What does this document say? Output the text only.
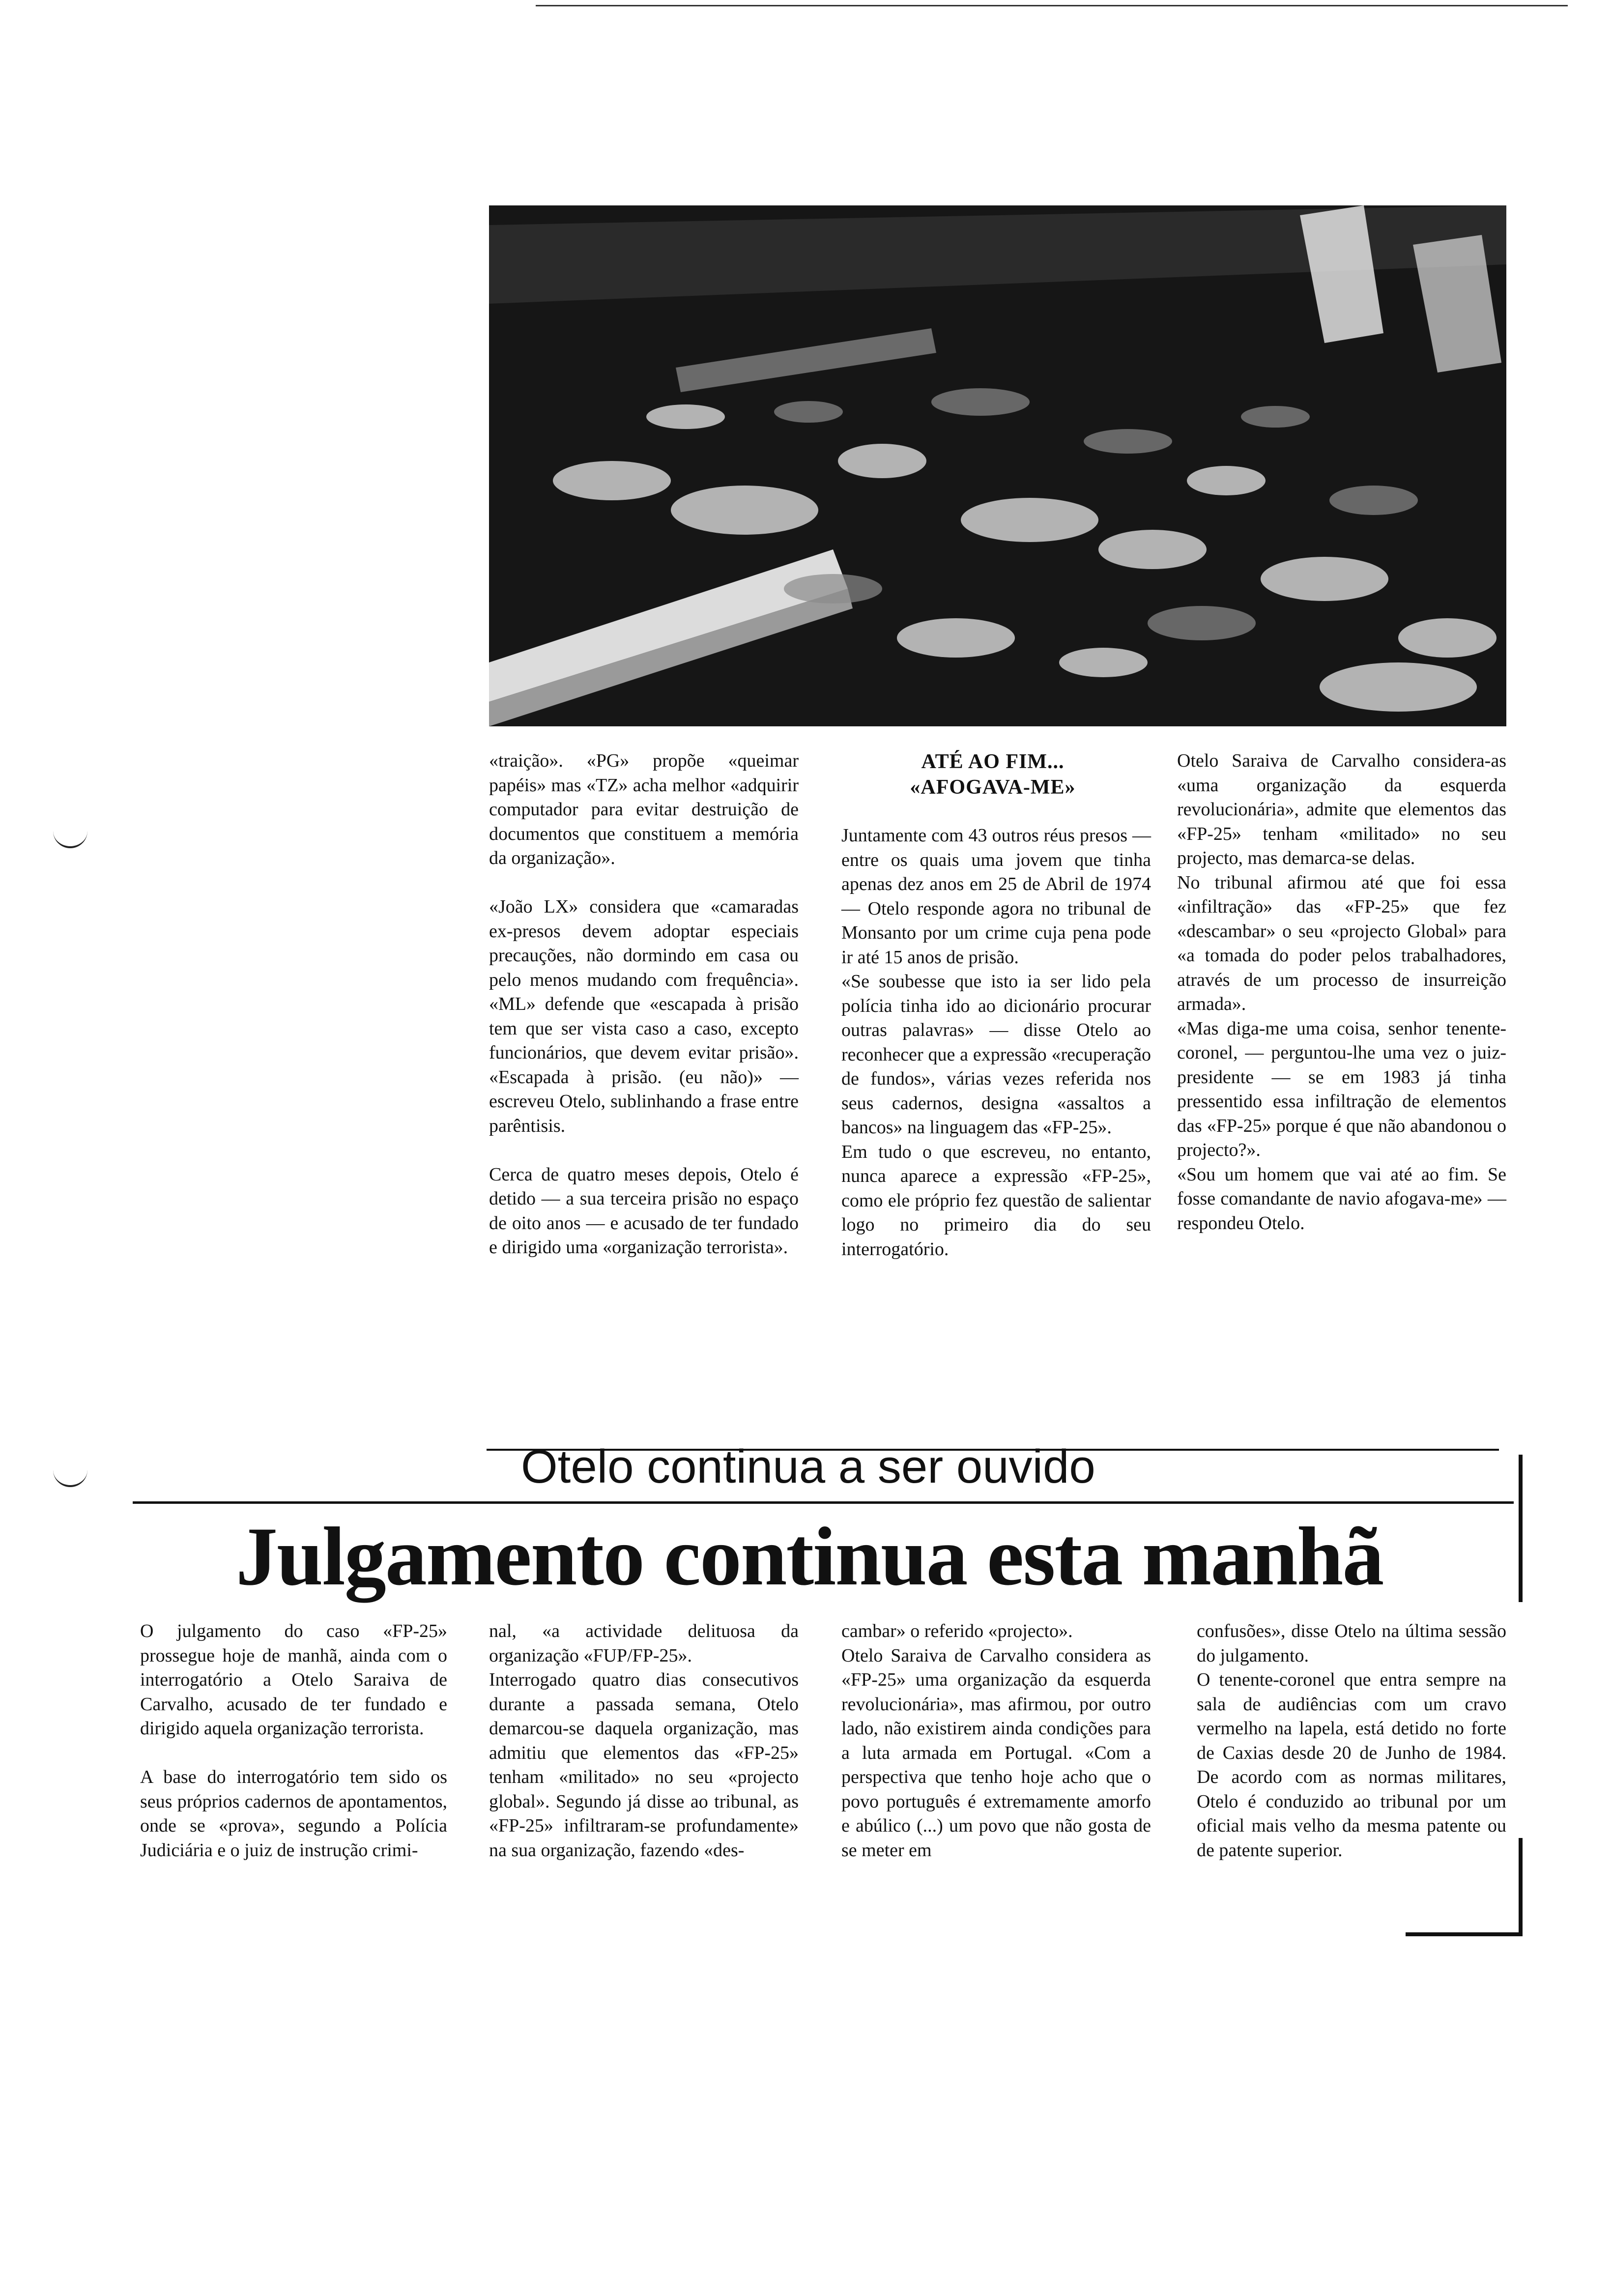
«traição». «PG» propõe «queimar papéis» mas «TZ» acha melhor «adquirir computador para evitar destruição de documentos que constituem a memória da organização».

«João LX» considera que «camaradas ex-presos devem adoptar especiais precauções, não dormindo em casa ou pelo menos mudando com frequência». «ML» defende que «escapada à prisão tem que ser vista caso a caso, excepto funcionários, que devem evitar prisão». «Escapada à prisão. (eu não)» — escreveu Otelo, sublinhando a frase entre parêntisis.

Cerca de quatro meses depois, Otelo é detido — a sua terceira prisão no espaço de oito anos — e acusado de ter fundado e dirigido uma «organização terrorista».
ATÉ AO FIM...
«AFOGAVA-ME»
Juntamente com 43 outros réus presos — entre os quais uma jovem que tinha apenas dez anos em 25 de Abril de 1974 — Otelo responde agora no tribunal de Monsanto por um crime cuja pena pode ir até 15 anos de prisão.
«Se soubesse que isto ia ser lido pela polícia tinha ido ao dicionário procurar outras palavras» — disse Otelo ao reconhecer que a expressão «recuperação de fundos», várias vezes referida nos seus cadernos, designa «assaltos a bancos» na linguagem das «FP-25».
Em tudo o que escreveu, no entanto, nunca aparece a expressão «FP-25», como ele próprio fez questão de salientar logo no primeiro dia do seu interrogatório.
Otelo Saraiva de Carvalho considera-as «uma organização da esquerda revolucionária», admite que elementos das «FP-25» tenham «militado» no seu projecto, mas demarca-se delas.
No tribunal afirmou até que foi essa «infiltração» das «FP-25» que fez «descambar» o seu «projecto Global» para «a tomada do poder pelos trabalhadores, através de um processo de insurreição armada».
«Mas diga-me uma coisa, senhor tenente-coronel, — perguntou-lhe uma vez o juiz-presidente — se em 1983 já tinha pressentido essa infiltração de elementos das «FP-25» porque é que não abandonou o projecto?».
«Sou um homem que vai até ao fim. Se fosse comandante de navio afogava-me» — respondeu Otelo.
Otelo continua a ser ouvido
Julgamento continua esta manhã
O julgamento do caso «FP-25» prossegue hoje de manhã, ainda com o interrogatório a Otelo Saraiva de Carvalho, acusado de ter fundado e dirigido aquela organização terrorista.

A base do interrogatório tem sido os seus próprios cadernos de apontamentos, onde se «prova», segundo a Polícia Judiciária e o juiz de instrução crimi-
nal, «a actividade delituosa da organização «FUP/FP-25».
Interrogado quatro dias consecutivos durante a passada semana, Otelo demarcou-se daquela organização, mas admitiu que elementos das «FP-25» tenham «militado» no seu «projecto global». Segundo já disse ao tribunal, as «FP-25» infiltraram-se profundamente» na sua organização, fazendo «des-
cambar» o referido «projecto».
Otelo Saraiva de Carvalho considera as «FP-25» uma organização da esquerda revolucionária», mas afirmou, por outro lado, não existirem ainda condições para a luta armada em Portugal. «Com a perspectiva que tenho hoje acho que o povo português é extremamente amorfo e abúlico (...) um povo que não gosta de se meter em
confusões», disse Otelo na última sessão do julgamento.
O tenente-coronel que entra sempre na sala de audiências com um cravo vermelho na lapela, está detido no forte de Caxias desde 20 de Junho de 1984. De acordo com as normas militares, Otelo é conduzido ao tribunal por um oficial mais velho da mesma patente ou de patente superior.
